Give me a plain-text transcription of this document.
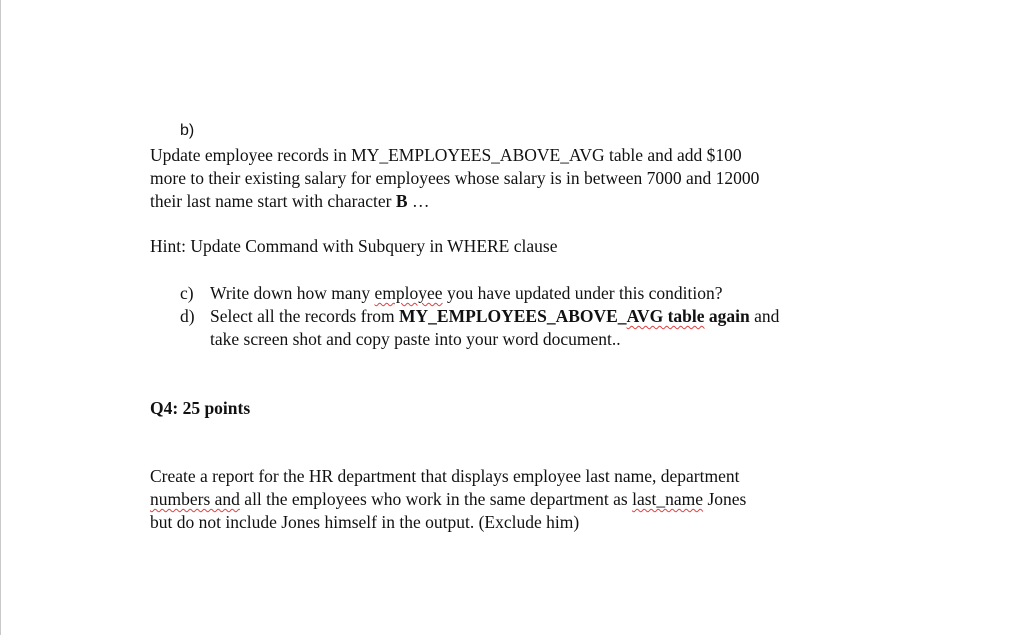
b)
Update employee records in MY_EMPLOYEES_ABOVE_AVG table and add $100
more to their existing salary for employees whose salary is in between 7000 and 12000
their last name start with character B …
Hint: Update Command with Subquery in WHERE clause
c) Write down how many employee you have updated under this condition?
d) Select all the records from MY_EMPLOYEES_ABOVE_AVG table again and
take screen shot and copy paste into your word document..
Q4: 25 points
Create a report for the HR department that displays employee last name, department
numbers and all the employees who work in the same department as last_name Jones
but do not include Jones himself in the output. (Exclude him)
